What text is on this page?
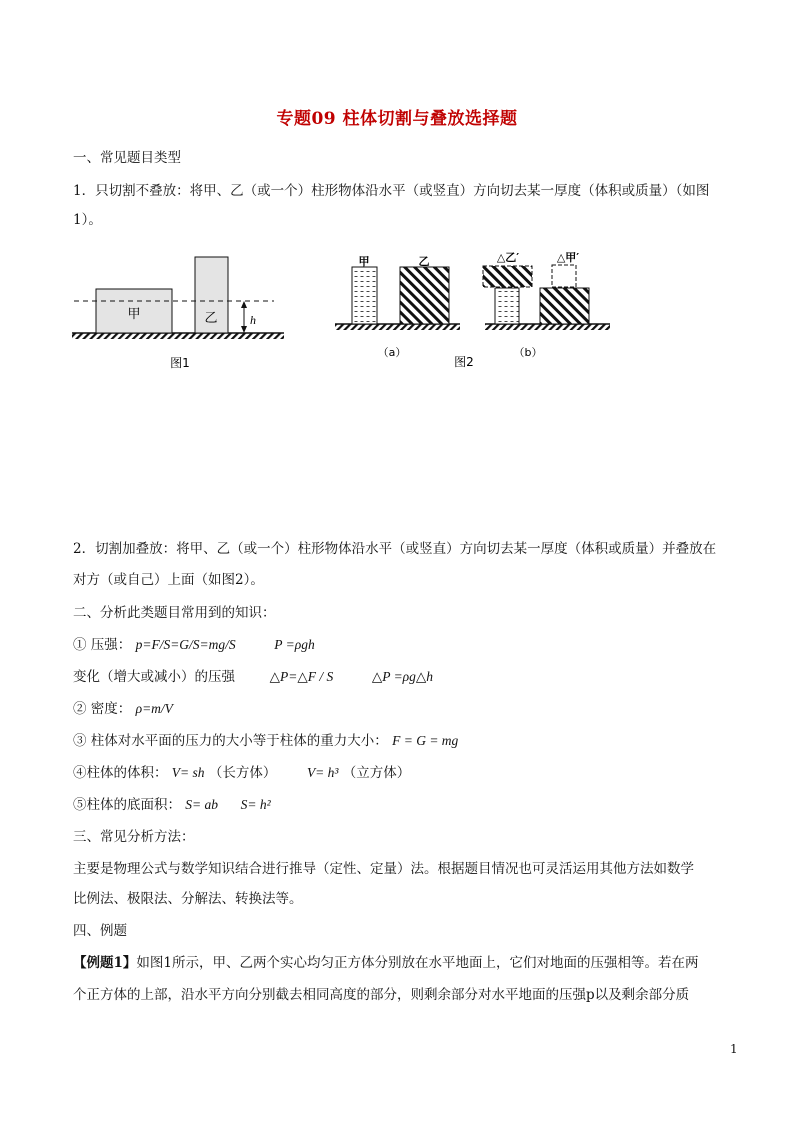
专题09 柱体切割与叠放选择题
一、常见题目类型
1．只切割不叠放：将甲、乙（或一个）柱形物体沿水平（或竖直）方向切去某一厚度（体积或质量）（如图
1）。
甲	乙	h
图1
甲	乙
（a）
△乙′	△甲′
（b）
图2
2．切割加叠放：将甲、乙（或一个）柱形物体沿水平（或竖直）方向切去某一厚度（体积或质量）并叠放在
对方（或自己）上面（如图2）。
二、分析此类题目常用到的知识：
① 压强： p=F/S=G/S=mg/S	P =ρgh
变化（增大或减小）的压强	△P=△F / S	△P =ρg△h
② 密度： ρ=m/V
③ 柱体对水平面的压力的大小等于柱体的重力大小： F = G = mg
④柱体的体积： V= sh （长方体） V= h³ （立方体）
⑤柱体的底面积： S= ab S= h²
三、常见分析方法：
主要是物理公式与数学知识结合进行推导（定性、定量）法。根据题目情况也可灵活运用其他方法如数学
比例法、极限法、分解法、转换法等。
四、例题
【例题1】如图1所示，甲、乙两个实心均匀正方体分别放在水平地面上，它们对地面的压强相等。若在两
个正方体的上部，沿水平方向分别截去相同高度的部分，则剩余部分对水平地面的压强p以及剩余部分质
1
